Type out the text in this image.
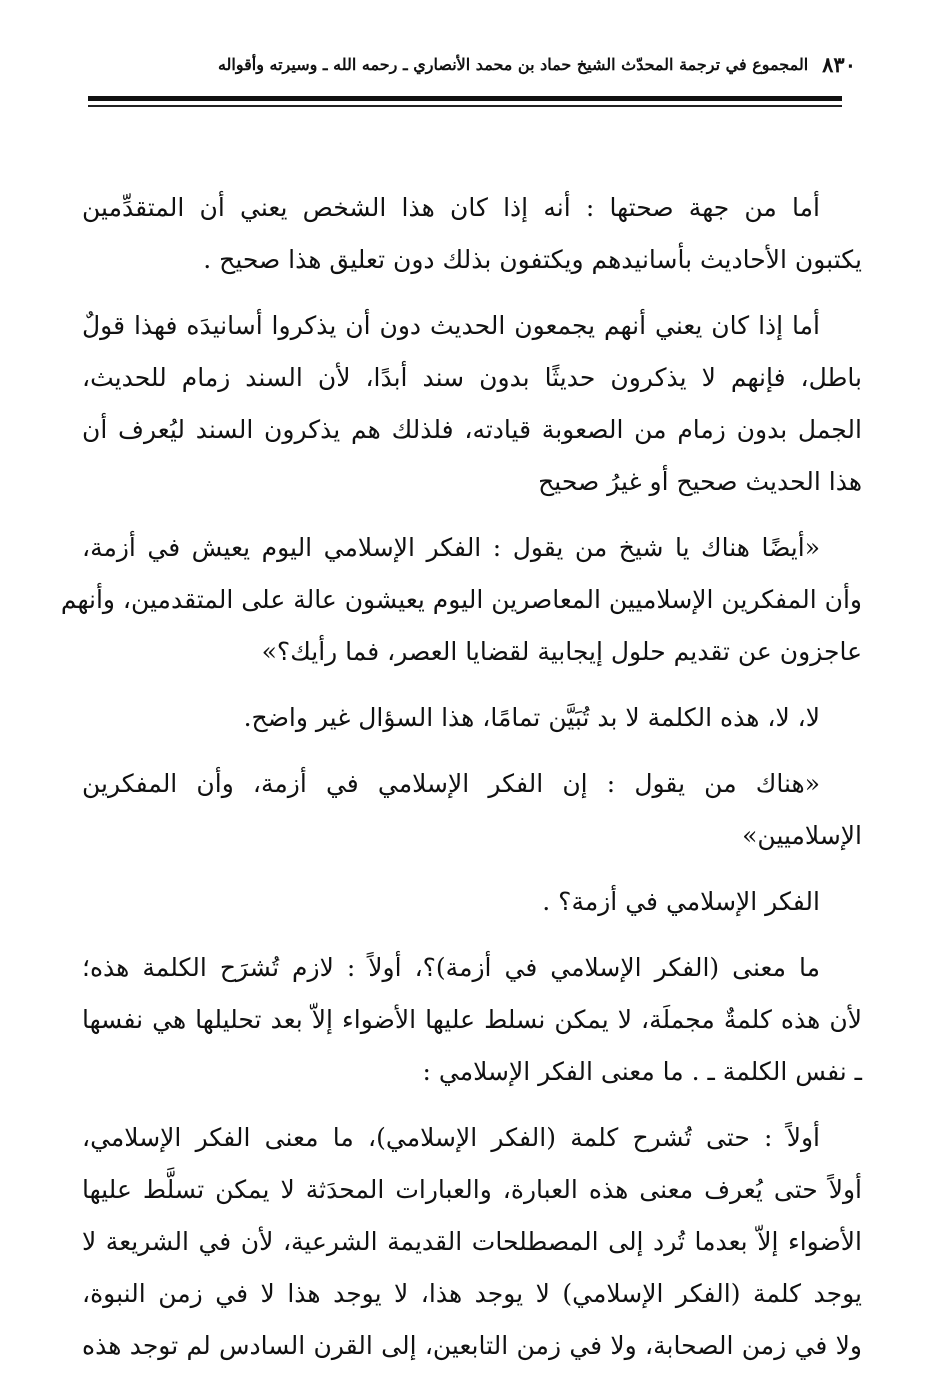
٨٣٠
المجموع في ترجمة المحدّث الشيخ حماد بن محمد الأنصاري ـ رحمه الله ـ وسيرته وأقواله
أما من جهة صحتها : أنه إذا كان هذا الشخص يعني أن المتقدِّمين
يكتبون الأحاديث بأسانيدهم ويكتفون بذلك دون تعليق هذا صحيح .
أما إذا كان يعني أنهم يجمعون الحديث دون أن يذكروا أسانيدَه فهذا قولٌ
باطل، فإنهم لا يذكرون حديثًا بدون سند أبدًا، لأن السند زمام للحديث،
الجمل بدون زمام من الصعوبة قيادته، فلذلك هم يذكرون السند ليُعرف أن
هذا الحديث صحيح أو غيرُ صحيح
«أيضًا هناك يا شيخ من يقول : الفكر الإسلامي اليوم يعيش في أزمة،
وأن المفكرين الإسلاميين المعاصرين اليوم يعيشون عالة على المتقدمين، وأنهم
عاجزون عن تقديم حلول إيجابية لقضايا العصر، فما رأيك؟»
لا، لا، هذه الكلمة لا بد تُبَيَّن تمامًا، هذا السؤال غير واضح.
«هناك من يقول : إن الفكر الإسلامي في أزمة، وأن المفكرين
الإسلاميين»
الفكر الإسلامي في أزمة؟ .
ما معنى (الفكر الإسلامي في أزمة)؟، أولاً : لازم تُشرَح الكلمة هذه؛
لأن هذه كلمةٌ مجملَة، لا يمكن نسلط عليها الأضواء إلاّ بعد تحليلها هي نفسها
ـ نفس الكلمة ـ . ما معنى الفكر الإسلامي :
أولاً : حتى تُشرح كلمة (الفكر الإسلامي)، ما معنى الفكر الإسلامي،
أولاً حتى يُعرف معنى هذه العبارة، والعبارات المحدَثة لا يمكن تسلَّط عليها
الأضواء إلاّ بعدما تُرد إلى المصطلحات القديمة الشرعية، لأن في الشريعة لا
يوجد كلمة (الفكر الإسلامي) لا يوجد هذا، لا يوجد هذا لا في زمن النبوة،
ولا في زمن الصحابة، ولا في زمن التابعين، إلى القرن السادس لم توجد هذه
